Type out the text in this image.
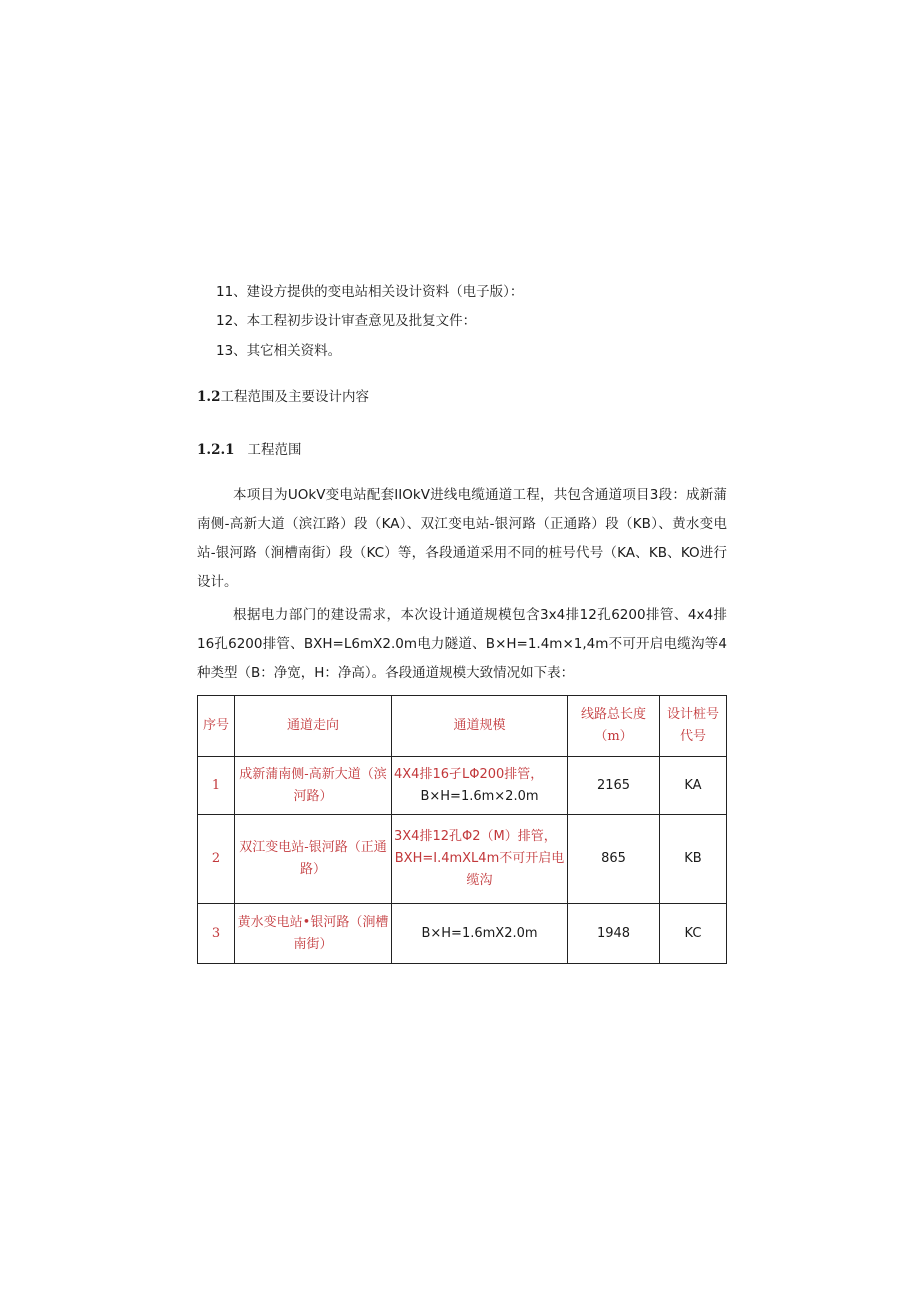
11、建设方提供的变电站相关设计资料（电子版）：
12、本工程初步设计审查意见及批复文件：
13、其它相关资料。
1.2工程范围及主要设计内容
1.2.1 工程范围

本项目为UOkV变电站配套IIOkV进线电缆通道工程，共包含通道项目3段：成新蒲南侧-高新大道（滨江路）段（KA）、双江变电站-银河路（正通路）段（KB）、黄水变电站-银河路（涧槽南街）段（KC）等，各段通道采用不同的桩号代号（KA、KB、KO进行设计。

根据电力部门的建设需求，本次设计通道规模包含3x4排12孔6200排管、4x4排16孔6200排管、BXH=L6mX2.0m电力隧道、B×H=1.4m×1,4m不可开启电缆沟等4种类型（B：净宽，H：净高）。各段通道规模大致情况如下表：

序号	通道走向	通道规模	线路总长度（m）	设计桩号代号
1	成新蒲南侧-高新大道（滨河路）	4X4排16孑LΦ200排管，
B×H=1.6m×2.0m	2165	KA
2	双江变电站-银河路（正通路）	3X4排12孔Φ2（M）排管，
BXH=I.4mXL4m不可开启电缆沟	865	KB
3	黄水变电站•银河路（涧槽南街）	B×H=1.6mX2.0m	1948	KC
